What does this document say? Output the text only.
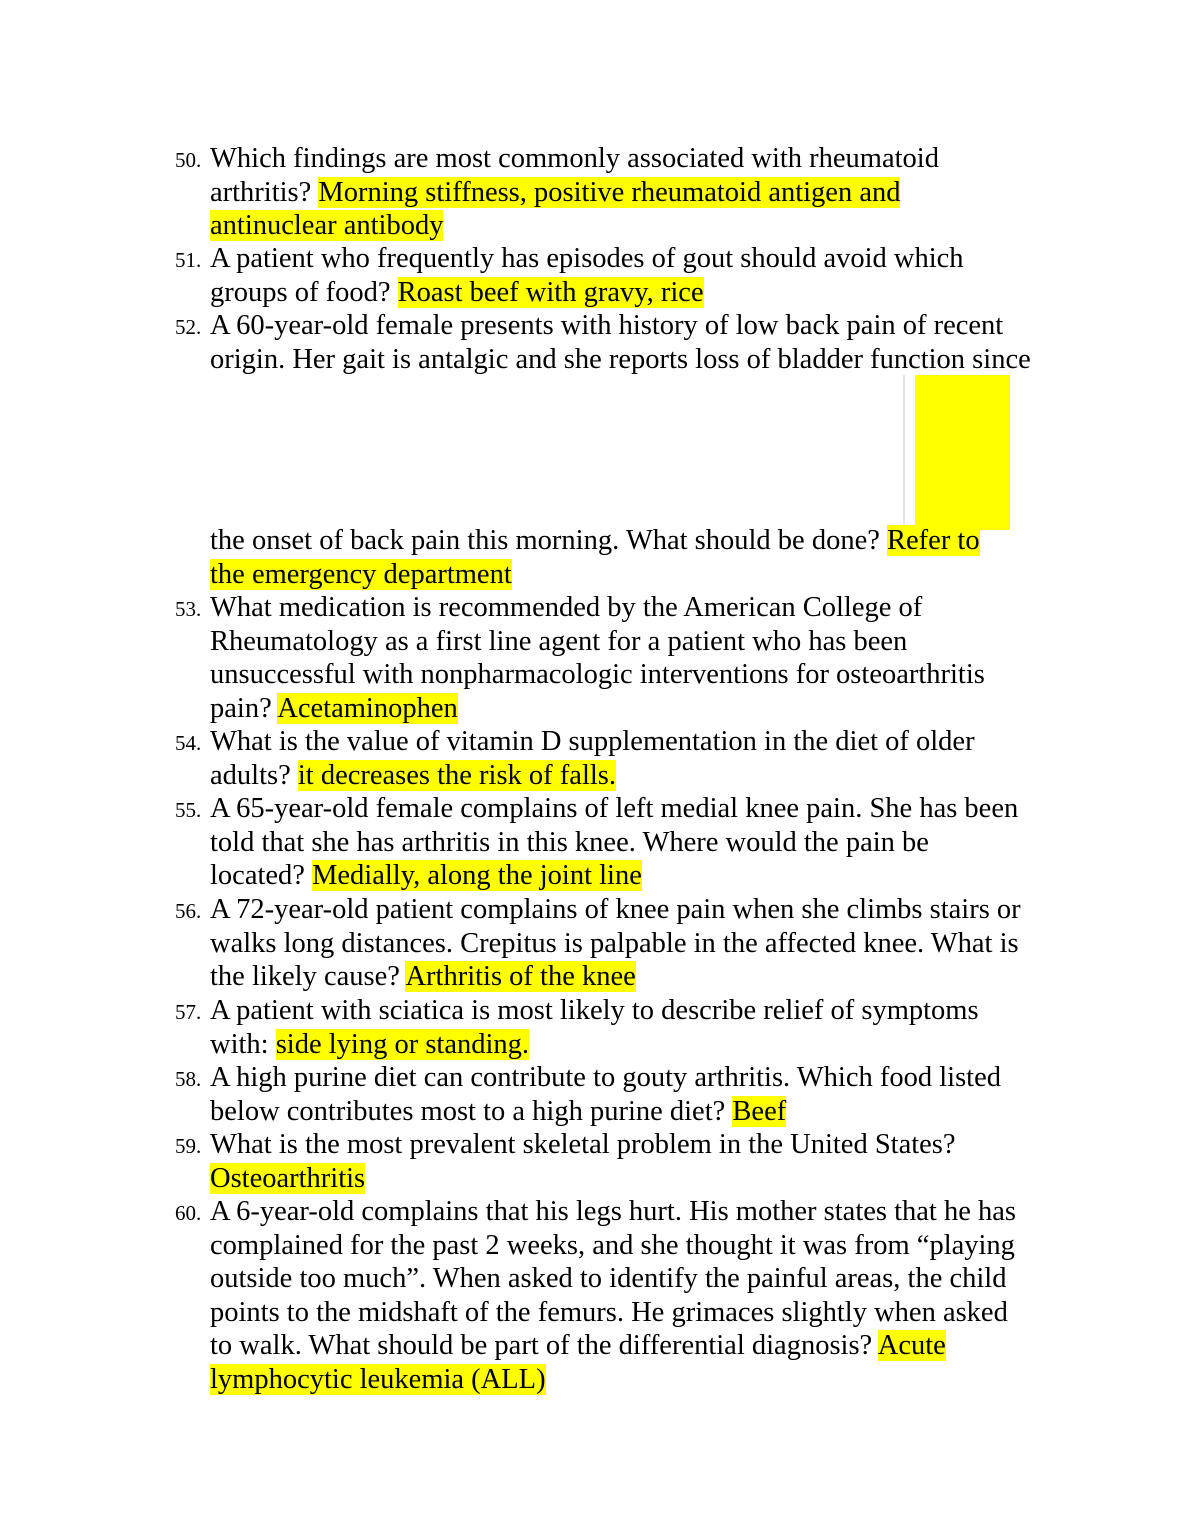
50. Which findings are most commonly associated with rheumatoid
arthritis? Morning stiffness, positive rheumatoid antigen and
antinuclear antibody
51. A patient who frequently has episodes of gout should avoid which
groups of food? Roast beef with gravy, rice
52. A 60-year-old female presents with history of low back pain of recent
origin. Her gait is antalgic and she reports loss of bladder function since
the onset of back pain this morning. What should be done? Refer to
the emergency department
53. What medication is recommended by the American College of
Rheumatology as a first line agent for a patient who has been
unsuccessful with nonpharmacologic interventions for osteoarthritis
pain? Acetaminophen
54. What is the value of vitamin D supplementation in the diet of older
adults? it decreases the risk of falls.
55. A 65-year-old female complains of left medial knee pain. She has been
told that she has arthritis in this knee. Where would the pain be
located? Medially, along the joint line
56. A 72-year-old patient complains of knee pain when she climbs stairs or
walks long distances. Crepitus is palpable in the affected knee. What is
the likely cause? Arthritis of the knee
57. A patient with sciatica is most likely to describe relief of symptoms
with: side lying or standing.
58. A high purine diet can contribute to gouty arthritis. Which food listed
below contributes most to a high purine diet? Beef
59. What is the most prevalent skeletal problem in the United States?
Osteoarthritis
60. A 6-year-old complains that his legs hurt. His mother states that he has
complained for the past 2 weeks, and she thought it was from “playing
outside too much”. When asked to identify the painful areas, the child
points to the midshaft of the femurs. He grimaces slightly when asked
to walk. What should be part of the differential diagnosis? Acute
lymphocytic leukemia (ALL)
